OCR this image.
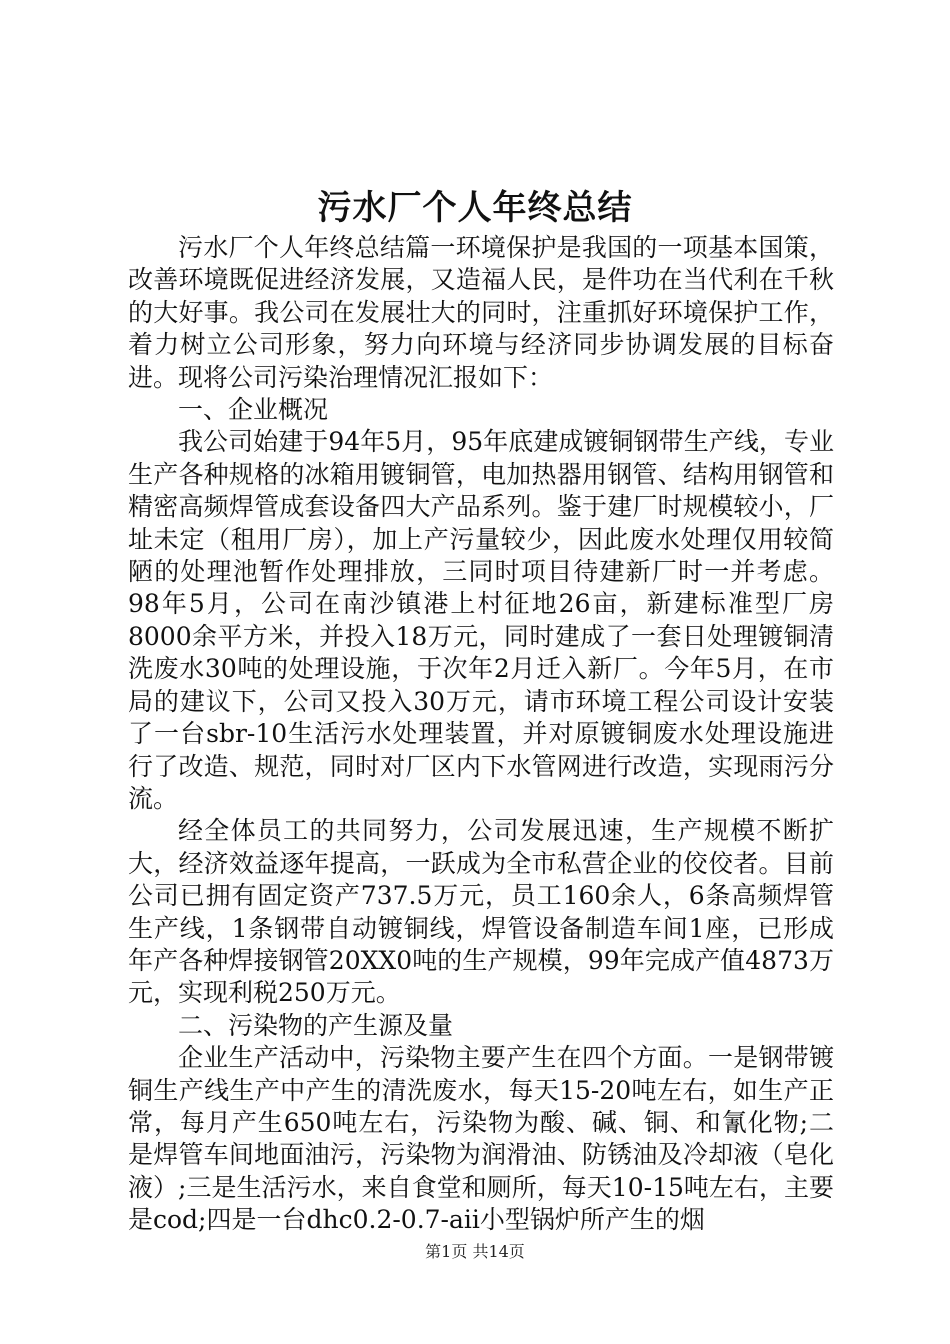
污水厂个人年终总结

污水厂个人年终总结篇一环境保护是我国的一项基本国策，改善环境既促进经济发展，又造福人民，是件功在当代利在千秋的大好事。我公司在发展壮大的同时，注重抓好环境保护工作，着力树立公司形象，努力向环境与经济同步协调发展的目标奋进。现将公司污染治理情况汇报如下：

一、企业概况

我公司始建于94年5月，95年底建成镀铜钢带生产线，专业生产各种规格的冰箱用镀铜管，电加热器用钢管、结构用钢管和精密高频焊管成套设备四大产品系列。鉴于建厂时规模较小，厂址未定（租用厂房），加上产污量较少，因此废水处理仅用较简陋的处理池暂作处理排放，三同时项目待建新厂时一并考虑。98年5月，公司在南沙镇港上村征地26亩，新建标准型厂房8000余平方米，并投入18万元，同时建成了一套日处理镀铜清洗废水30吨的处理设施，于次年2月迁入新厂。今年5月，在市局的建议下，公司又投入30万元，请市环境工程公司设计安装了一台sbr-10生活污水处理装置，并对原镀铜废水处理设施进行了改造、规范，同时对厂区内下水管网进行改造，实现雨污分流。

经全体员工的共同努力，公司发展迅速，生产规模不断扩大，经济效益逐年提高，一跃成为全市私营企业的佼佼者。目前公司已拥有固定资产737.5万元，员工160余人，6条高频焊管生产线，1条钢带自动镀铜线，焊管设备制造车间1座，已形成年产各种焊接钢管20XX0吨的生产规模，99年完成产值4873万元，实现利税250万元。

二、污染物的产生源及量

企业生产活动中，污染物主要产生在四个方面。一是钢带镀铜生产线生产中产生的清洗废水，每天15-20吨左右，如生产正常，每月产生650吨左右，污染物为酸、碱、铜、和氰化物;二是焊管车间地面油污，污染物为润滑油、防锈油及冷却液（皂化液）;三是生活污水，来自食堂和厕所，每天10-15吨左右，主要是cod;四是一台dhc0.2-0.7-aii小型锅炉所产生的烟

第1页 共14页
